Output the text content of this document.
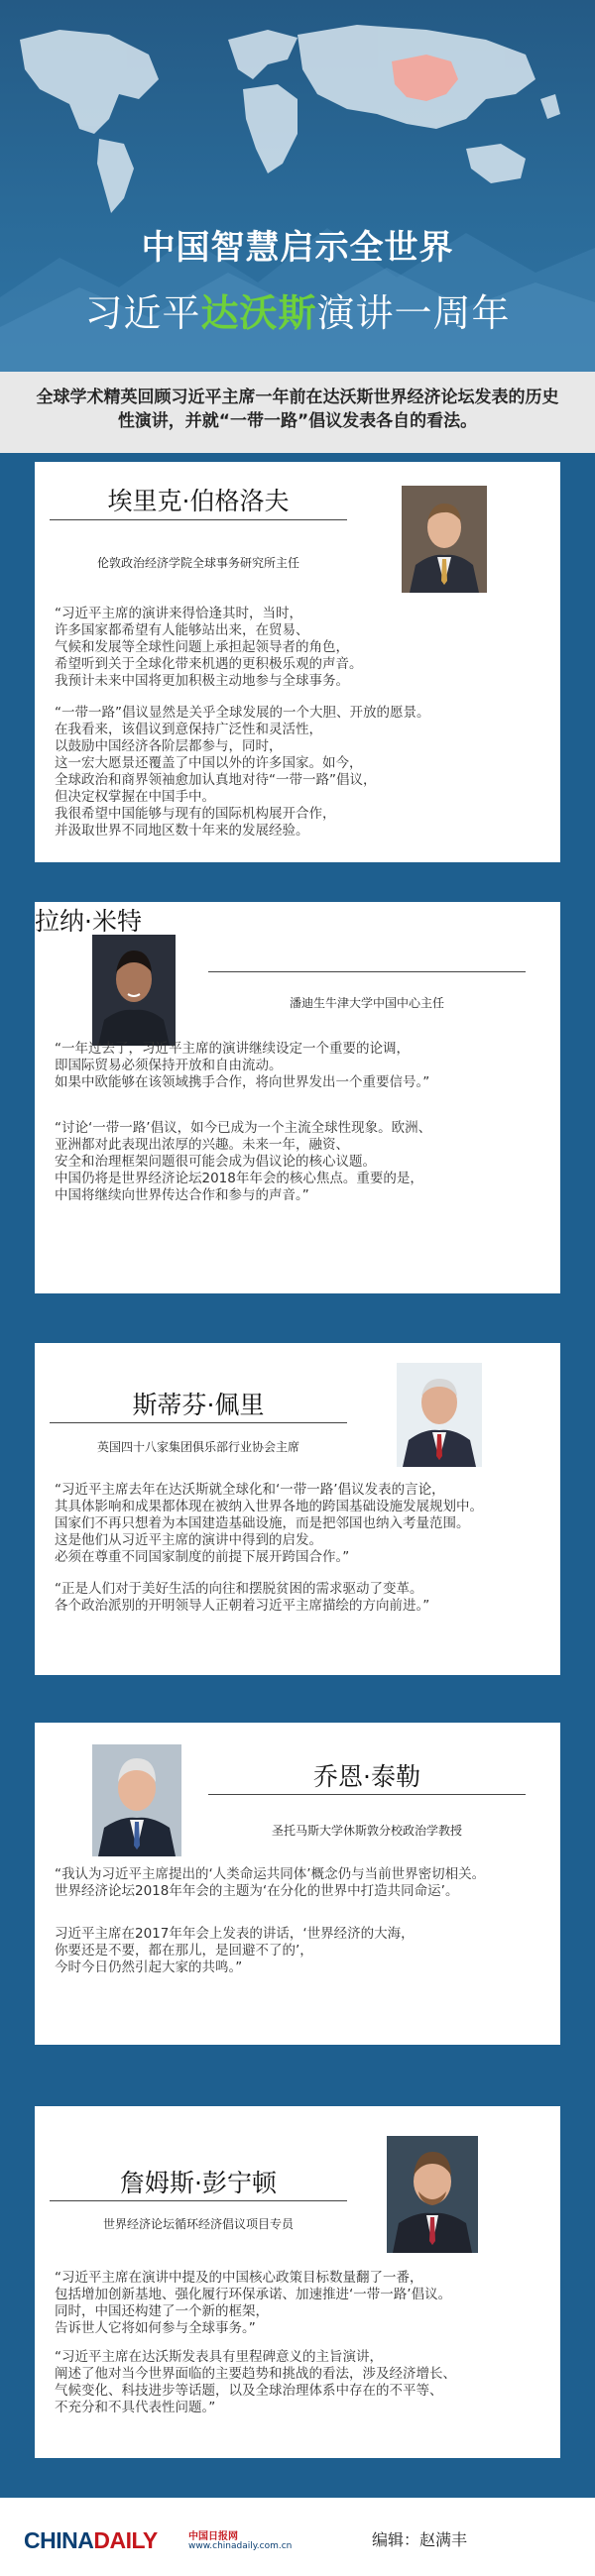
中国智慧启示全世界
习近平达沃斯演讲一周年

全球学术精英回顾习近平主席一年前在达沃斯世界经济论坛发表的历史性演讲，并就“一带一路”倡议发表各自的看法。

埃里克·伯格洛夫
伦敦政治经济学院全球事务研究所主任
“习近平主席的演讲来得恰逢其时，当时，
许多国家都希望有人能够站出来，在贸易、
气候和发展等全球性问题上承担起领导者的角色，
希望听到关于全球化带来机遇的更积极乐观的声音。
我预计未来中国将更加积极主动地参与全球事务。
“一带一路”倡议显然是关乎全球发展的一个大胆、开放的愿景。
在我看来，该倡议到意保持广泛性和灵活性，
以鼓励中国经济各阶层都参与，同时，
这一宏大愿景还覆盖了中国以外的许多国家。如今，
全球政治和商界领袖愈加认真地对待“一带一路”倡议，
但决定权掌握在中国手中。
我很希望中国能够与现有的国际机构展开合作，
并汲取世界不同地区数十年来的发展经验。
拉纳·米特
潘迪生牛津大学中国中心主任
“一年过去了，习近平主席的演讲继续设定一个重要的论调，
即国际贸易必须保持开放和自由流动。
如果中欧能够在该领域携手合作，将向世界发出一个重要信号。”
“讨论‘一带一路’倡议，如今已成为一个主流全球性现象。欧洲、
亚洲都对此表现出浓厚的兴趣。未来一年，融资、
安全和治理框架问题很可能会成为倡议论的核心议题。
中国仍将是世界经济论坛2018年年会的核心焦点。重要的是，
中国将继续向世界传达合作和参与的声音。”
斯蒂芬·佩里
英国四十八家集团俱乐部行业协会主席
“习近平主席去年在达沃斯就全球化和‘一带一路’倡议发表的言论，
其具体影响和成果都体现在被纳入世界各地的跨国基础设施发展规划中。
国家们不再只想着为本国建造基础设施，而是把邻国也纳入考量范围。
这是他们从习近平主席的演讲中得到的启发。
必须在尊重不同国家制度的前提下展开跨国合作。”
“正是人们对于美好生活的向往和摆脱贫困的需求驱动了变革。
各个政治派别的开明领导人正朝着习近平主席描绘的方向前进。”
乔恩·泰勒
圣托马斯大学休斯敦分校政治学教授
“我认为习近平主席提出的‘人类命运共同体’概念仍与当前世界密切相关。
世界经济论坛2018年年会的主题为‘在分化的世界中打造共同命运’。
习近平主席在2017年年会上发表的讲话，‘世界经济的大海，
你要还是不要，都在那儿，是回避不了的’，
今时今日仍然引起大家的共鸣。”
詹姆斯·彭宁顿
世界经济论坛循环经济倡议项目专员
“习近平主席在演讲中提及的中国核心政策目标数量翻了一番，
包括增加创新基地、强化履行环保承诺、加速推进‘一带一路’倡议。
同时，中国还构建了一个新的框架，
告诉世人它将如何参与全球事务。”
“习近平主席在达沃斯发表具有里程碑意义的主旨演讲，
阐述了他对当今世界面临的主要趋势和挑战的看法，涉及经济增长、
气候变化、科技进步等话题，以及全球治理体系中存在的不平等、
不充分和不具代表性问题。”
CHINADAILY	中国日报网
www.chinadaily.com.cn	编辑：赵满丰
